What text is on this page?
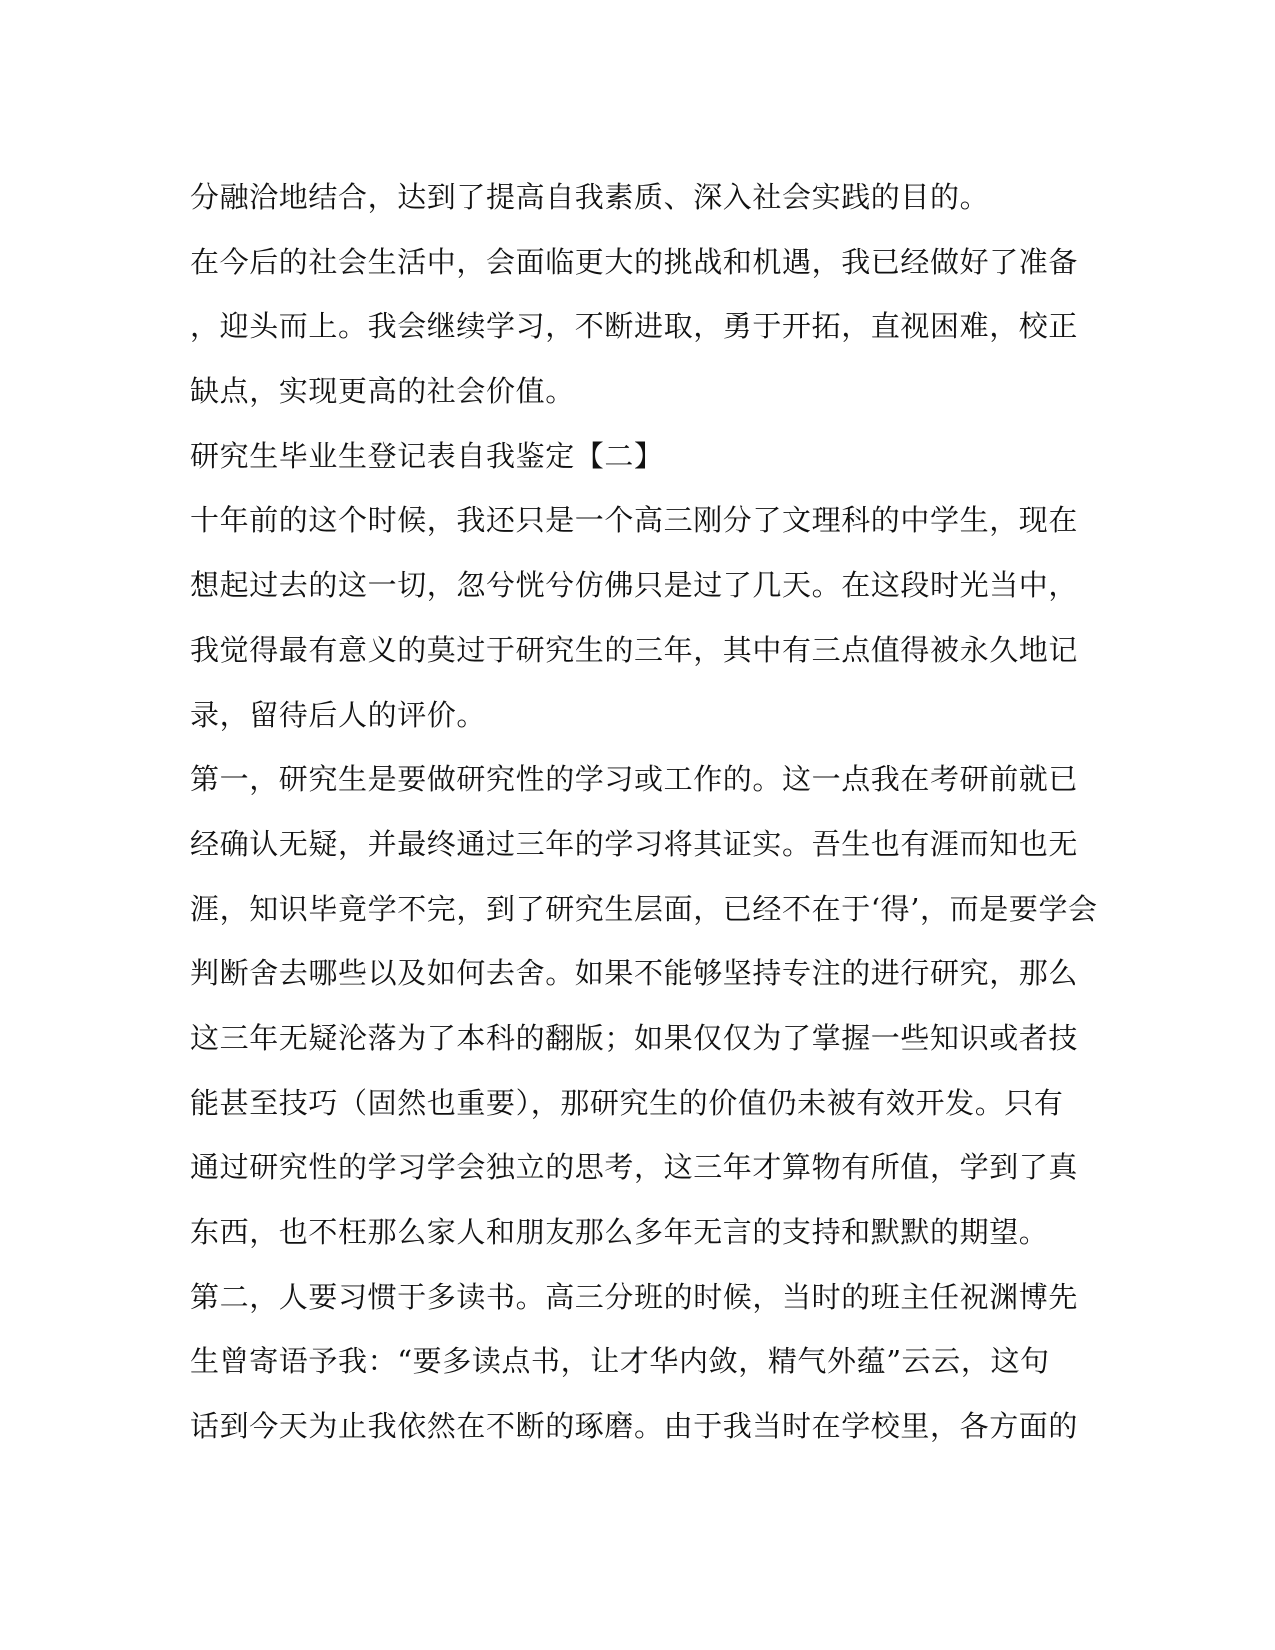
分融洽地结合，达到了提高自我素质、深入社会实践的目的。
在今后的社会生活中，会面临更大的挑战和机遇，我已经做好了准备
，迎头而上。我会继续学习，不断进取，勇于开拓，直视困难，校正
缺点，实现更高的社会价值。
研究生毕业生登记表自我鉴定【二】
十年前的这个时候，我还只是一个高三刚分了文理科的中学生，现在
想起过去的这一切，忽兮恍兮仿佛只是过了几天。在这段时光当中，
我觉得最有意义的莫过于研究生的三年，其中有三点值得被永久地记
录，留待后人的评价。
第一，研究生是要做研究性的学习或工作的。这一点我在考研前就已
经确认无疑，并最终通过三年的学习将其证实。吾生也有涯而知也无
涯，知识毕竟学不完，到了研究生层面，已经不在于‘得’，而是要学会
判断舍去哪些以及如何去舍。如果不能够坚持专注的进行研究，那么
这三年无疑沦落为了本科的翻版；如果仅仅为了掌握一些知识或者技
能甚至技巧（固然也重要），那研究生的价值仍未被有效开发。只有
通过研究性的学习学会独立的思考，这三年才算物有所值，学到了真
东西，也不枉那么家人和朋友那么多年无言的支持和默默的期望。
第二，人要习惯于多读书。高三分班的时候，当时的班主任祝渊博先
生曾寄语予我：“要多读点书，让才华内敛，精气外蕴”云云，这句
话到今天为止我依然在不断的琢磨。由于我当时在学校里，各方面的
